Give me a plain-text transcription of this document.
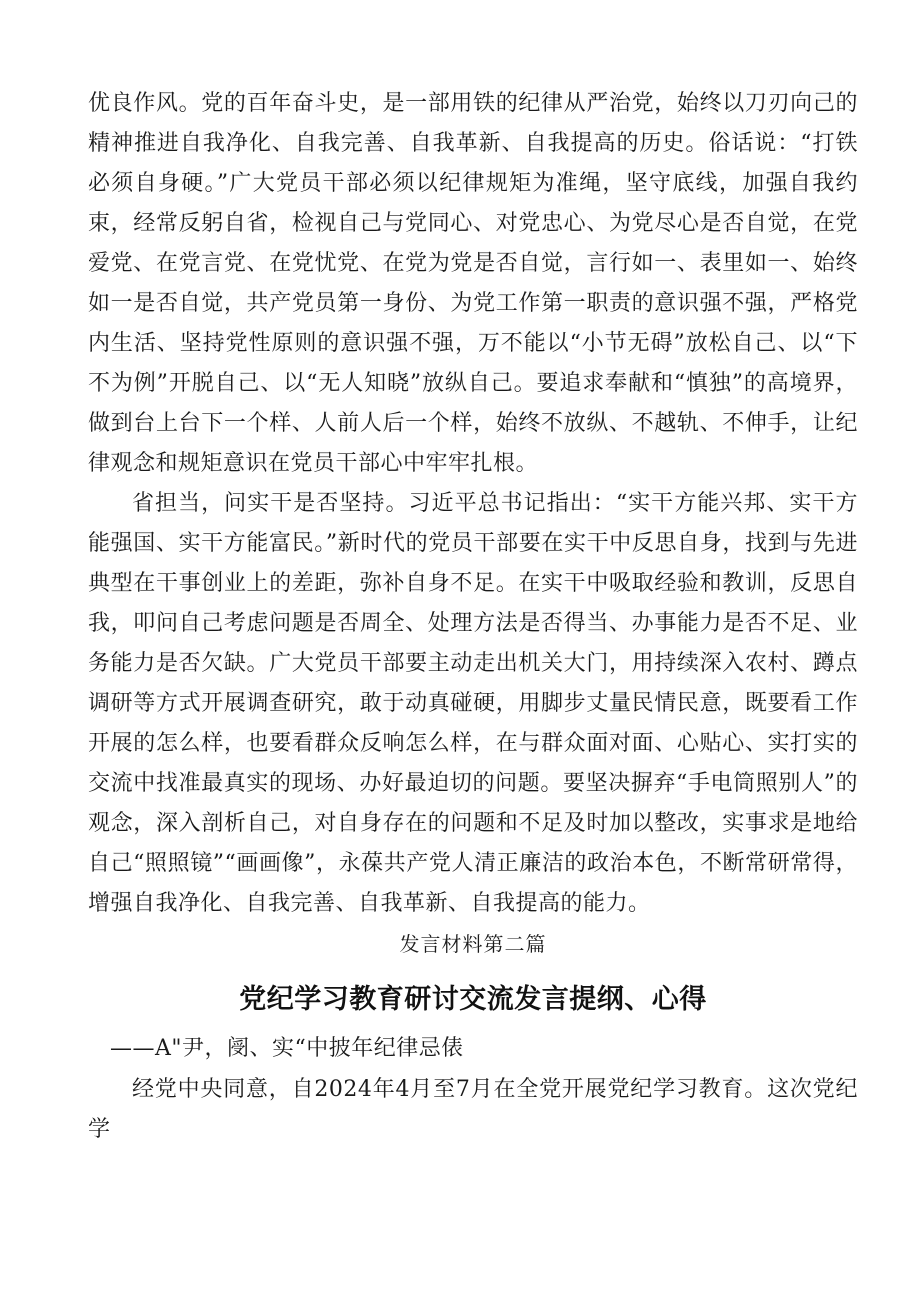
优良作风。党的百年奋斗史，是一部用铁的纪律从严治党，始终以刀刃向己的精神推进自我净化、自我完善、自我革新、自我提高的历史。俗话说：“打铁必须自身硬。”广大党员干部必须以纪律规矩为准绳，坚守底线，加强自我约束，经常反躬自省，检视自己与党同心、对党忠心、为党尽心是否自觉，在党爱党、在党言党、在党忧党、在党为党是否自觉，言行如一、表里如一、始终如一是否自觉，共产党员第一身份、为党工作第一职责的意识强不强，严格党内生活、坚持党性原则的意识强不强，万不能以“小节无碍”放松自己、以“下不为例”开脱自己、以“无人知晓”放纵自己。要追求奉献和“慎独”的高境界，做到台上台下一个样、人前人后一个样，始终不放纵、不越轨、不伸手，让纪律观念和规矩意识在党员干部心中牢牢扎根。

省担当，问实干是否坚持。习近平总书记指出：“实干方能兴邦、实干方能强国、实干方能富民。”新时代的党员干部要在实干中反思自身，找到与先进典型在干事创业上的差距，弥补自身不足。在实干中吸取经验和教训，反思自我，叩问自己考虑问题是否周全、处理方法是否得当、办事能力是否不足、业务能力是否欠缺。广大党员干部要主动走出机关大门，用持续深入农村、蹲点调研等方式开展调查研究，敢于动真碰硬，用脚步丈量民情民意，既要看工作开展的怎么样，也要看群众反响怎么样，在与群众面对面、心贴心、实打实的交流中找准最真实的现场、办好最迫切的问题。要坚决摒弃“手电筒照别人”的观念，深入剖析自己，对自身存在的问题和不足及时加以整改，实事求是地给自己“照照镜”“画画像”，永葆共产党人清正廉洁的政治本色，不断常研常得，增强自我净化、自我完善、自我革新、自我提高的能力。

发言材料第二篇

党纪学习教育研讨交流发言提纲、心得

——A"尹，阌、实“中披年纪律忌俵

经党中央同意，自2024年4月至7月在全党开展党纪学习教育。这次党纪学
